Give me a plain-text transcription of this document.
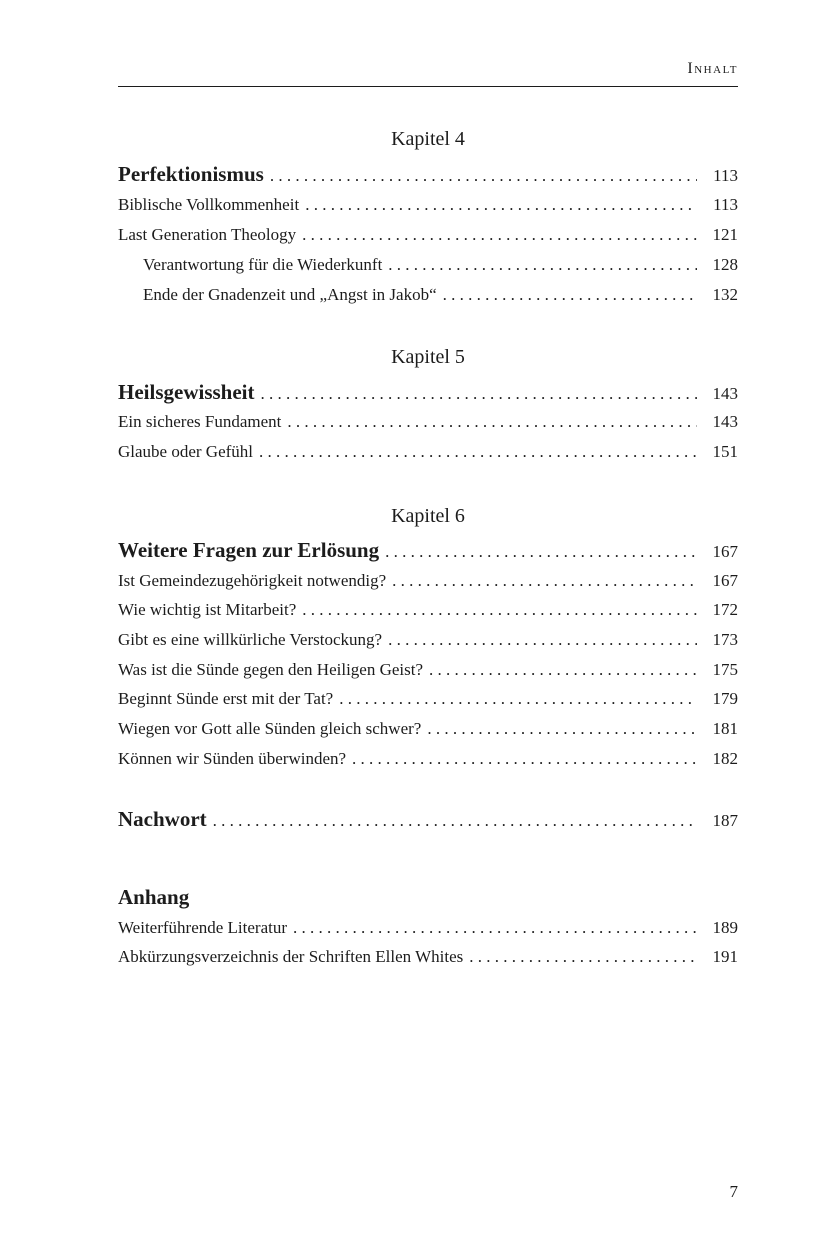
Inhalt
Kapitel 4
Perfektionismus . . .	113
Biblische Vollkommenheit . . .	113
Last Generation Theology . . .	121
Verantwortung für die Wiederkunft . . .	128
Ende der Gnadenzeit und „Angst in Jakob“ . . .	132
Kapitel 5
Heilsgewissheit . . .	143
Ein sicheres Fundament . . .	143
Glaube oder Gefühl . . .	151
Kapitel 6
Weitere Fragen zur Erlösung . . .	167
Ist Gemeindezugehörigkeit notwendig? . . .	167
Wie wichtig ist Mitarbeit? . . .	172
Gibt es eine willkürliche Verstockung? . . .	173
Was ist die Sünde gegen den Heiligen Geist? . . .	175
Beginnt Sünde erst mit der Tat? . . .	179
Wiegen vor Gott alle Sünden gleich schwer? . . .	181
Können wir Sünden überwinden? . . .	182
Nachwort . . .	187
Anhang
Weiterführende Literatur . . .	189
Abkürzungsverzeichnis der Schriften Ellen Whites . . .	191
7
